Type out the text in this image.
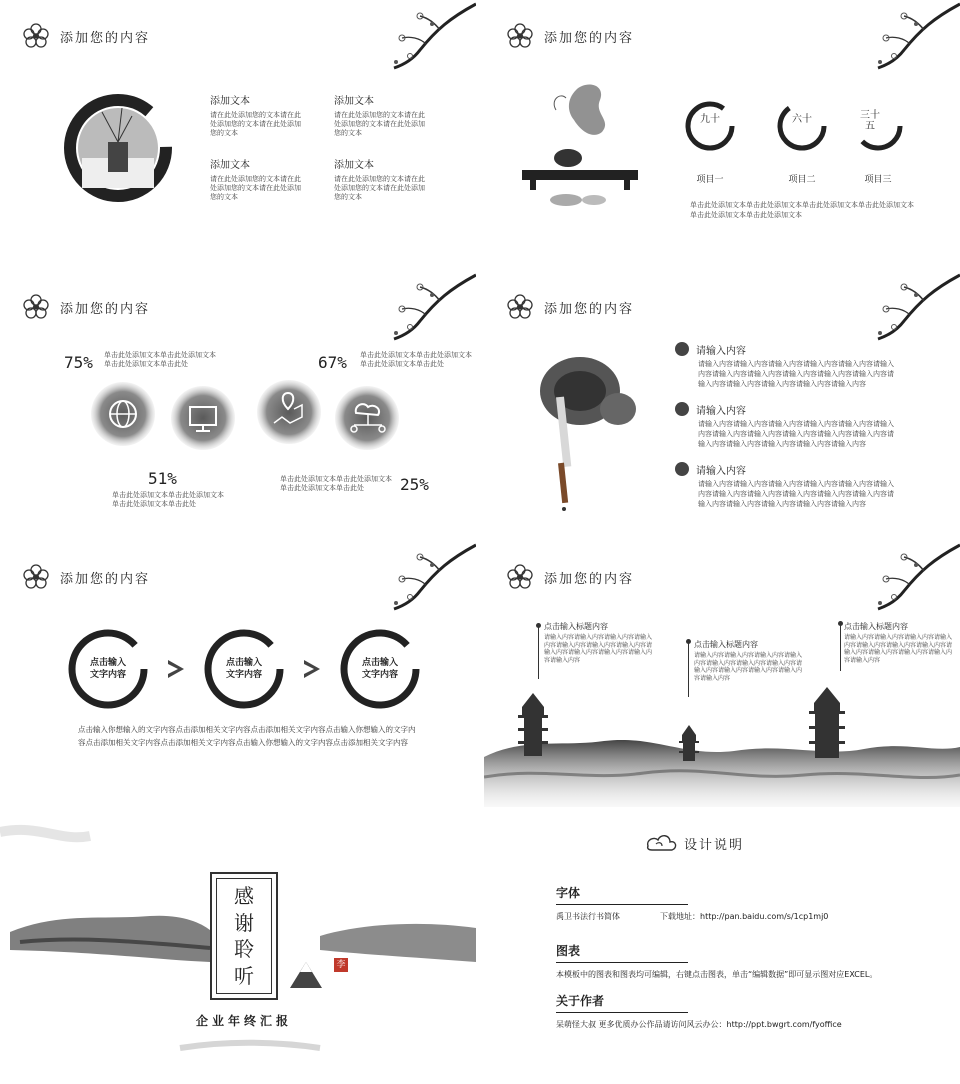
添加您的内容
添加文本
请在此处添加您的文本请在此处添加您的文本请在此处添加您的文本
添加文本
请在此处添加您的文本请在此处添加您的文本请在此处添加您的文本
添加文本
请在此处添加您的文本请在此处添加您的文本请在此处添加您的文本
添加文本
请在此处添加您的文本请在此处添加您的文本请在此处添加您的文本
添加您的内容
九十
项目一
六十
项目二
三十五
项目三
单击此处添加文本单击此处添加文本单击此处添加文本单击此处添加文本单击此处添加文本单击此处添加文本
添加您的内容
75% 单击此处添加文本单击此处添加文本单击此处添加文本单击此处	67% 单击此处添加文本单击此处添加文本单击此处添加文本单击此处
51%
单击此处添加文本单击此处添加文本单击此处添加文本单击此处
25%
单击此处添加文本单击此处添加文本单击此处添加文本单击此处
添加您的内容
请输入内容
请输入内容请输入内容请输入内容请输入内容请输入内容请输入内容请输入内容请输入内容请输入内容请输入内容请输入内容请输入内容请输入内容请输入内容请输入内容请输入内容
请输入内容
请输入内容请输入内容请输入内容请输入内容请输入内容请输入内容请输入内容请输入内容请输入内容请输入内容请输入内容请输入内容请输入内容请输入内容请输入内容请输入内容
请输入内容
请输入内容请输入内容请输入内容请输入内容请输入内容请输入内容请输入内容请输入内容请输入内容请输入内容请输入内容请输入内容请输入内容请输入内容请输入内容请输入内容
添加您的内容
点击输入
文字内容
点击输入
文字内容
点击输入
文字内容
点击输入你想输入的文字内容点击添加相关文字内容点击添加相关文字内容点击输入你想输入的文字内容点击添加相关文字内容点击添加相关文字内容点击输入你想输入的文字内容点击添加相关文字内容
添加您的内容
点击输入标题内容
请输入内容请输入内容请输入内容请输入内容请输入内容请输入内容请输入内容请输入内容请输入内容请输入内容请输入内容请输入内容
点击输入标题内容
请输入内容请输入内容请输入内容请输入内容请输入内容请输入内容请输入内容请输入内容请输入内容请输入内容请输入内容请输入内容
点击输入标题内容
请输入内容请输入内容请输入内容请输入内容请输入内容请输入内容请输入内容请输入内容请输入内容请输入内容请输入内容请输入内容
感
谢
聆
听	李
企业年终汇报
设计说明
字体
禹卫书法行书简体	下载地址：http://pan.baidu.com/s/1cp1mj0
图表
本模板中的图表和图表均可编辑，右键点击图表，单击“编辑数据”即可显示图对应EXCEL。
关于作者
呆萌怪大叔 更多优质办公作品请访问风云办公：http://ppt.bwgrt.com/fyoffice
